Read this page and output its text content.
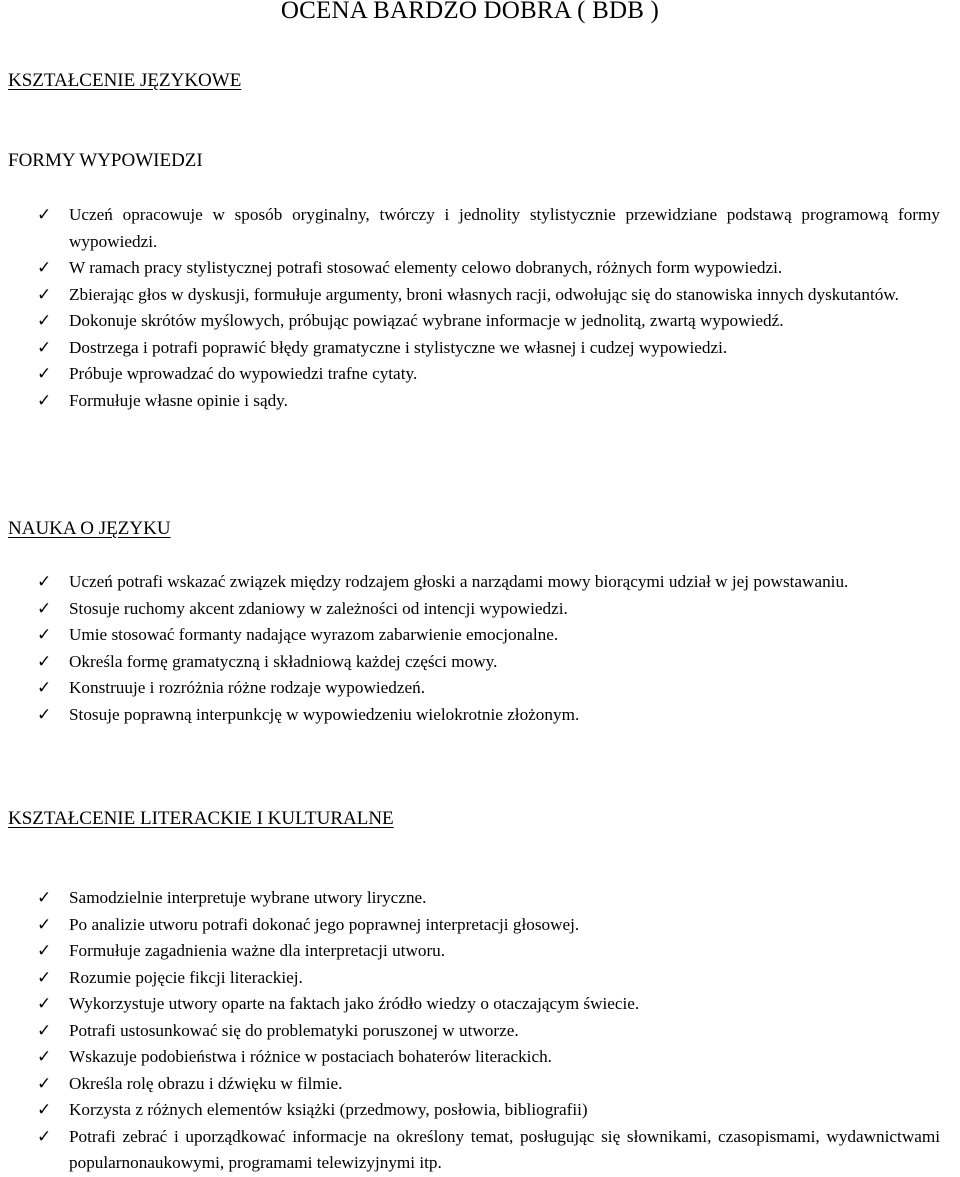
OCENA BARDZO DOBRA ( BDB )
KSZTAŁCENIE JĘZYKOWE
FORMY WYPOWIEDZI
✓ Uczeń opracowuje w sposób oryginalny, twórczy i jednolity stylistycznie przewidziane podstawą programową formy wypowiedzi.
✓ W ramach pracy stylistycznej potrafi stosować elementy celowo dobranych, różnych form wypowiedzi.
✓ Zbierając głos w dyskusji, formułuje argumenty, broni własnych racji, odwołując się do stanowiska innych dyskutantów.
✓ Dokonuje skrótów myślowych, próbując powiązać wybrane informacje w jednolitą, zwartą wypowiedź.
✓ Dostrzega i potrafi poprawić błędy gramatyczne i stylistyczne we własnej i cudzej wypowiedzi.
✓ Próbuje wprowadzać do wypowiedzi trafne cytaty.
✓ Formułuje własne opinie i sądy.
NAUKA O JĘZYKU
✓ Uczeń potrafi wskazać związek między rodzajem głoski a narządami mowy biorącymi udział w jej powstawaniu.
✓ Stosuje ruchomy akcent zdaniowy w zależności od intencji wypowiedzi.
✓ Umie stosować formanty nadające wyrazom zabarwienie emocjonalne.
✓ Określa formę gramatyczną i składniową każdej części mowy.
✓ Konstruuje i rozróżnia różne rodzaje wypowiedzeń.
✓ Stosuje poprawną interpunkcję w wypowiedzeniu wielokrotnie złożonym.
KSZTAŁCENIE LITERACKIE I KULTURALNE
✓ Samodzielnie interpretuje wybrane utwory liryczne.
✓ Po analizie utworu potrafi dokonać jego poprawnej interpretacji głosowej.
✓ Formułuje zagadnienia ważne dla interpretacji utworu.
✓ Rozumie pojęcie fikcji literackiej.
✓ Wykorzystuje utwory oparte na faktach jako źródło wiedzy o otaczającym świecie.
✓ Potrafi ustosunkować się do problematyki poruszonej w utworze.
✓ Wskazuje podobieństwa i różnice w postaciach bohaterów literackich.
✓ Określa rolę obrazu i dźwięku w filmie.
✓ Korzysta z różnych elementów książki (przedmowy, posłowia, bibliografii)
✓ Potrafi zebrać i uporządkować informacje na określony temat, posługując się słownikami, czasopismami, wydawnictwami popularnonaukowymi, programami telewizyjnymi itp.
